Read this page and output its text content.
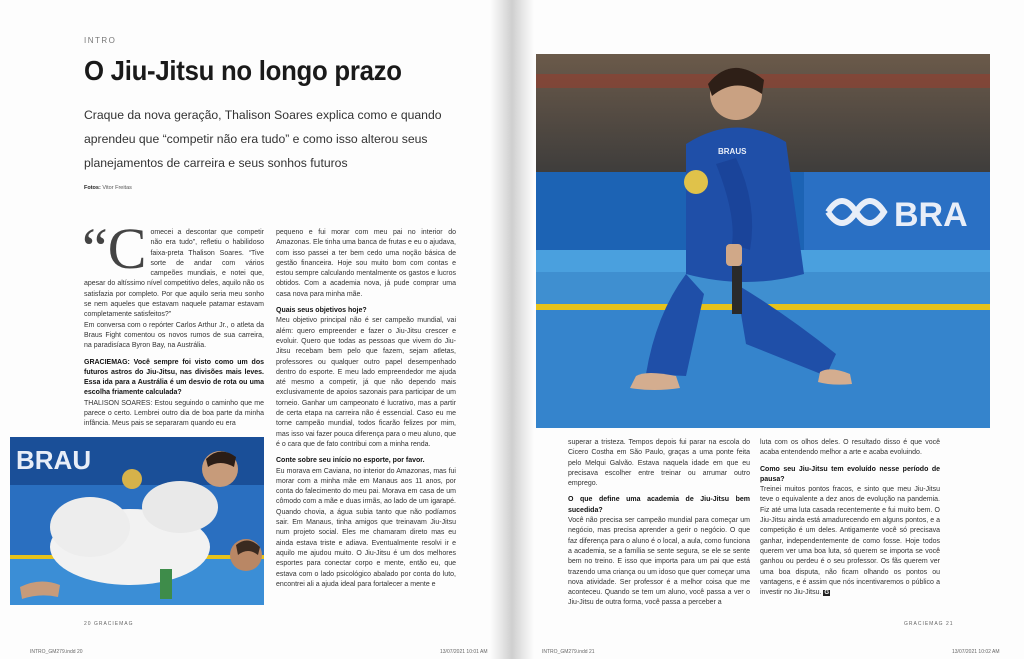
INTRO
O Jiu-Jitsu no longo prazo

Craque da nova geração, Thalison Soares explica como e quando aprendeu que “competir não era tudo” e como isso alterou seus planejamentos de carreira e seus sonhos futuros

Fotos: Vitor Freitas
“C omecei a descontar que competir não era tudo”, refletiu o habilidoso faixa-preta Thalison Soares. “Tive sorte de andar com vários campeões mundiais, e notei que, apesar do altíssimo nível competitivo deles, aquilo não os satisfazia por completo. Por que aquilo seria meu sonho se nem aqueles que estavam naquele patamar estavam completamente satisfeitos?”

Em conversa com o repórter Carlos Arthur Jr., o atleta da Braus Fight comentou os novos rumos de sua carreira, na paradisíaca Byron Bay, na Austrália.

GRACIEMAG: Você sempre foi visto como um dos futuros astros do Jiu-Jitsu, nas divisões mais leves. Essa ida para a Austrália é um desvio de rota ou uma escolha friamente calculada?

THALISON SOARES: Estou seguindo o caminho que me parece o certo. Lembrei outro dia de boa parte da minha infância. Meus pais se separaram quando eu era

pequeno e fui morar com meu pai no interior do Amazonas. Ele tinha uma banca de frutas e eu o ajudava, com isso passei a ter bem cedo uma noção básica de gestão financeira. Hoje sou muito bom com contas e estou sempre calculando mentalmente os gastos e lucros obtidos. Com a academia nova, já pude comprar uma casa nova para minha mãe.

Quais seus objetivos hoje?

Meu objetivo principal não é ser campeão mundial, vai além: quero empreender e fazer o Jiu-Jitsu crescer e evoluir. Quero que todas as pessoas que vivem do Jiu-Jitsu recebam bem pelo que fazem, sejam atletas, professores ou qualquer outro papel desempenhado dentro do esporte. E meu lado empreendedor me ajuda até mesmo a competir, já que não dependo mais exclusivamente de apoios sazonais para participar de um torneio. Ganhar um campeonato é lucrativo, mas a partir de certa etapa na carreira não é essencial. Caso eu me torne campeão mundial, todos ficarão felizes por mim, mas isso vai fazer pouca diferença para o meu aluno, que é o cara que de fato contribui com a minha renda.

Conte sobre seu início no esporte, por favor.

Eu morava em Caviana, no interior do Amazonas, mas fui morar com a minha mãe em Manaus aos 11 anos, por conta do falecimento do meu pai. Morava em casa de um cômodo com a mãe e duas irmãs, ao lado de um igarapé. Quando chovia, a água subia tanto que não podíamos sair. Em Manaus, tinha amigos que treinavam Jiu-Jitsu num projeto social. Eles me chamaram direto mas eu ainda estava triste e adiava. Eventualmente resolvi ir e aquilo me ajudou muito. O Jiu-Jitsu é um dos melhores esportes para conectar corpo e mente, então eu, que estava com o lado psicológico abalado por conta do luto, encontrei ali a ajuda ideal para fortalecer a mente e

BRAU
20 GRACIEMAG
INTRO_GM279.indd 20	13/07/2021 10:01 AM
BRA
BRAUS

superar a tristeza. Tempos depois fui parar na escola do Cicero Costha em São Paulo, graças a uma ponte feita pelo Melqui Galvão. Estava naquela idade em que eu precisava escolher entre treinar ou arrumar outro emprego.

O que define uma academia de Jiu-Jitsu bem sucedida?

Você não precisa ser campeão mundial para começar um negócio, mas precisa aprender a gerir o negócio. O que faz diferença para o aluno é o local, a aula, como funciona a academia, se a família se sente segura, se ele se sente bem no treino. E isso que importa para um pai que está trazendo uma criança ou um idoso que quer começar uma nova atividade. Ser professor é a melhor coisa que me aconteceu. Quando se tem um aluno, você passa a ver o Jiu-Jitsu de outra forma, você passa a perceber a

luta com os olhos deles. O resultado disso é que você acaba entendendo melhor a arte e acaba evoluindo.

Como seu Jiu-Jitsu tem evoluído nesse período de pausa?

Treinei muitos pontos fracos, e sinto que meu Jiu-Jitsu teve o equivalente a dez anos de evolução na pandemia. Fiz até uma luta casada recentemente e fui muito bem. O Jiu-Jitsu ainda está amadurecendo em alguns pontos, e a competição é um deles. Antigamente você só precisava ganhar, independentemente de como fosse. Hoje todos querem ver uma boa luta, só querem se importa se você ganhou ou perdeu é o seu professor. Os fãs querem ver uma boa disputa, não ficam olhando os pontos ou vantagens, e é assim que nós incentivaremos o público a investir no Jiu-Jitsu. G

GRACIEMAG 21
INTRO_GM279.indd 21	13/07/2021 10:02 AM
